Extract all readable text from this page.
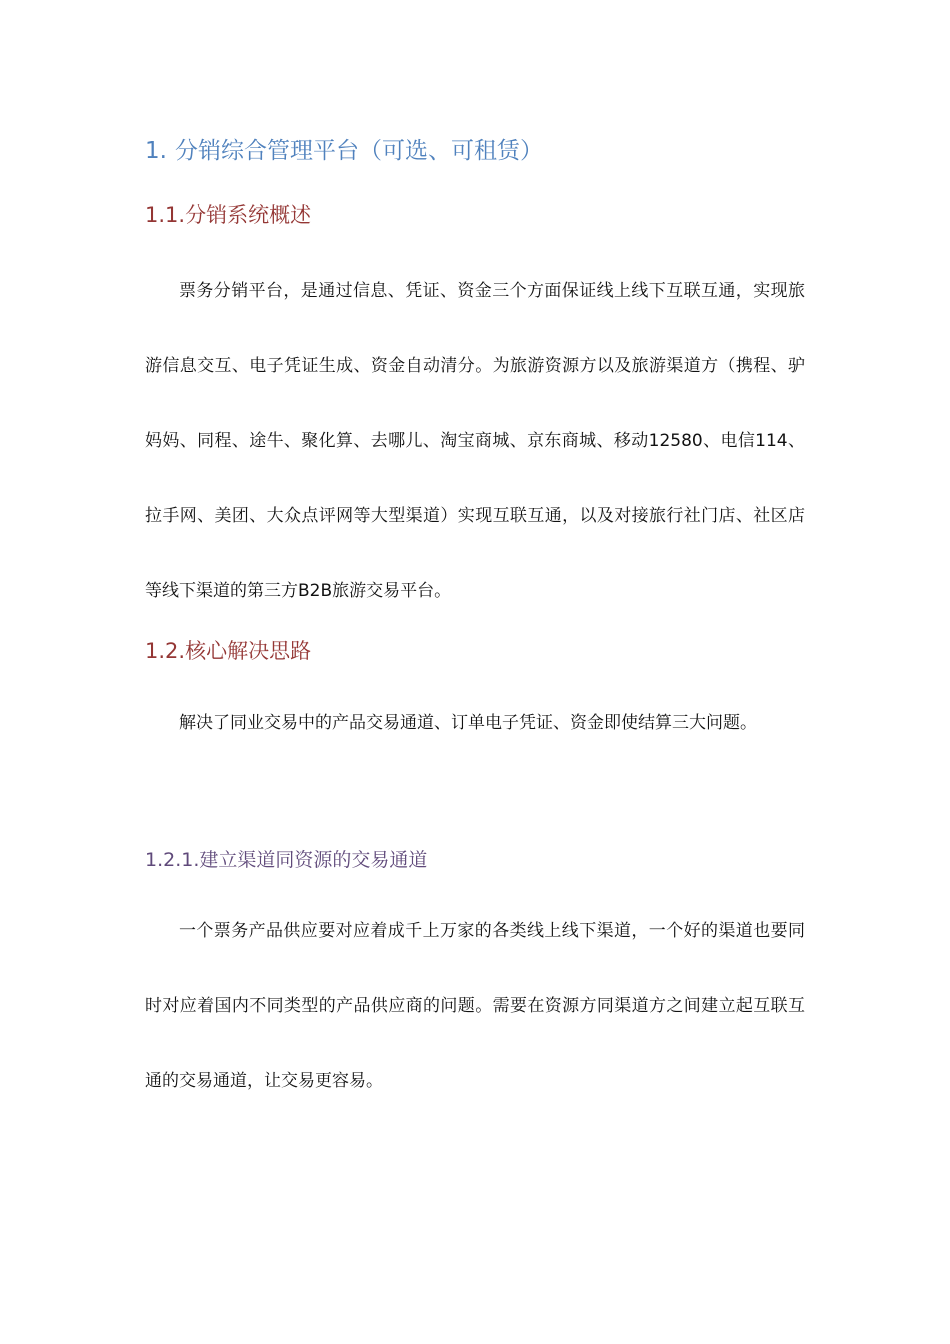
1. 分销综合管理平台（可选、可租赁）
1.1.分销系统概述

票务分销平台，是通过信息、凭证、资金三个方面保证线上线下互联互通，实现旅游信息交互、电子凭证生成、资金自动清分。为旅游资源方以及旅游渠道方（携程、驴妈妈、同程、途牛、聚化算、去哪儿、淘宝商城、京东商城、移动12580、电信114、拉手网、美团、大众点评网等大型渠道）实现互联互通，以及对接旅行社门店、社区店等线下渠道的第三方B2B旅游交易平台。

1.2.核心解决思路

解决了同业交易中的产品交易通道、订单电子凭证、资金即使结算三大问题。

1.2.1.建立渠道同资源的交易通道

一个票务产品供应要对应着成千上万家的各类线上线下渠道，一个好的渠道也要同时对应着国内不同类型的产品供应商的问题。需要在资源方同渠道方之间建立起互联互通的交易通道，让交易更容易。
